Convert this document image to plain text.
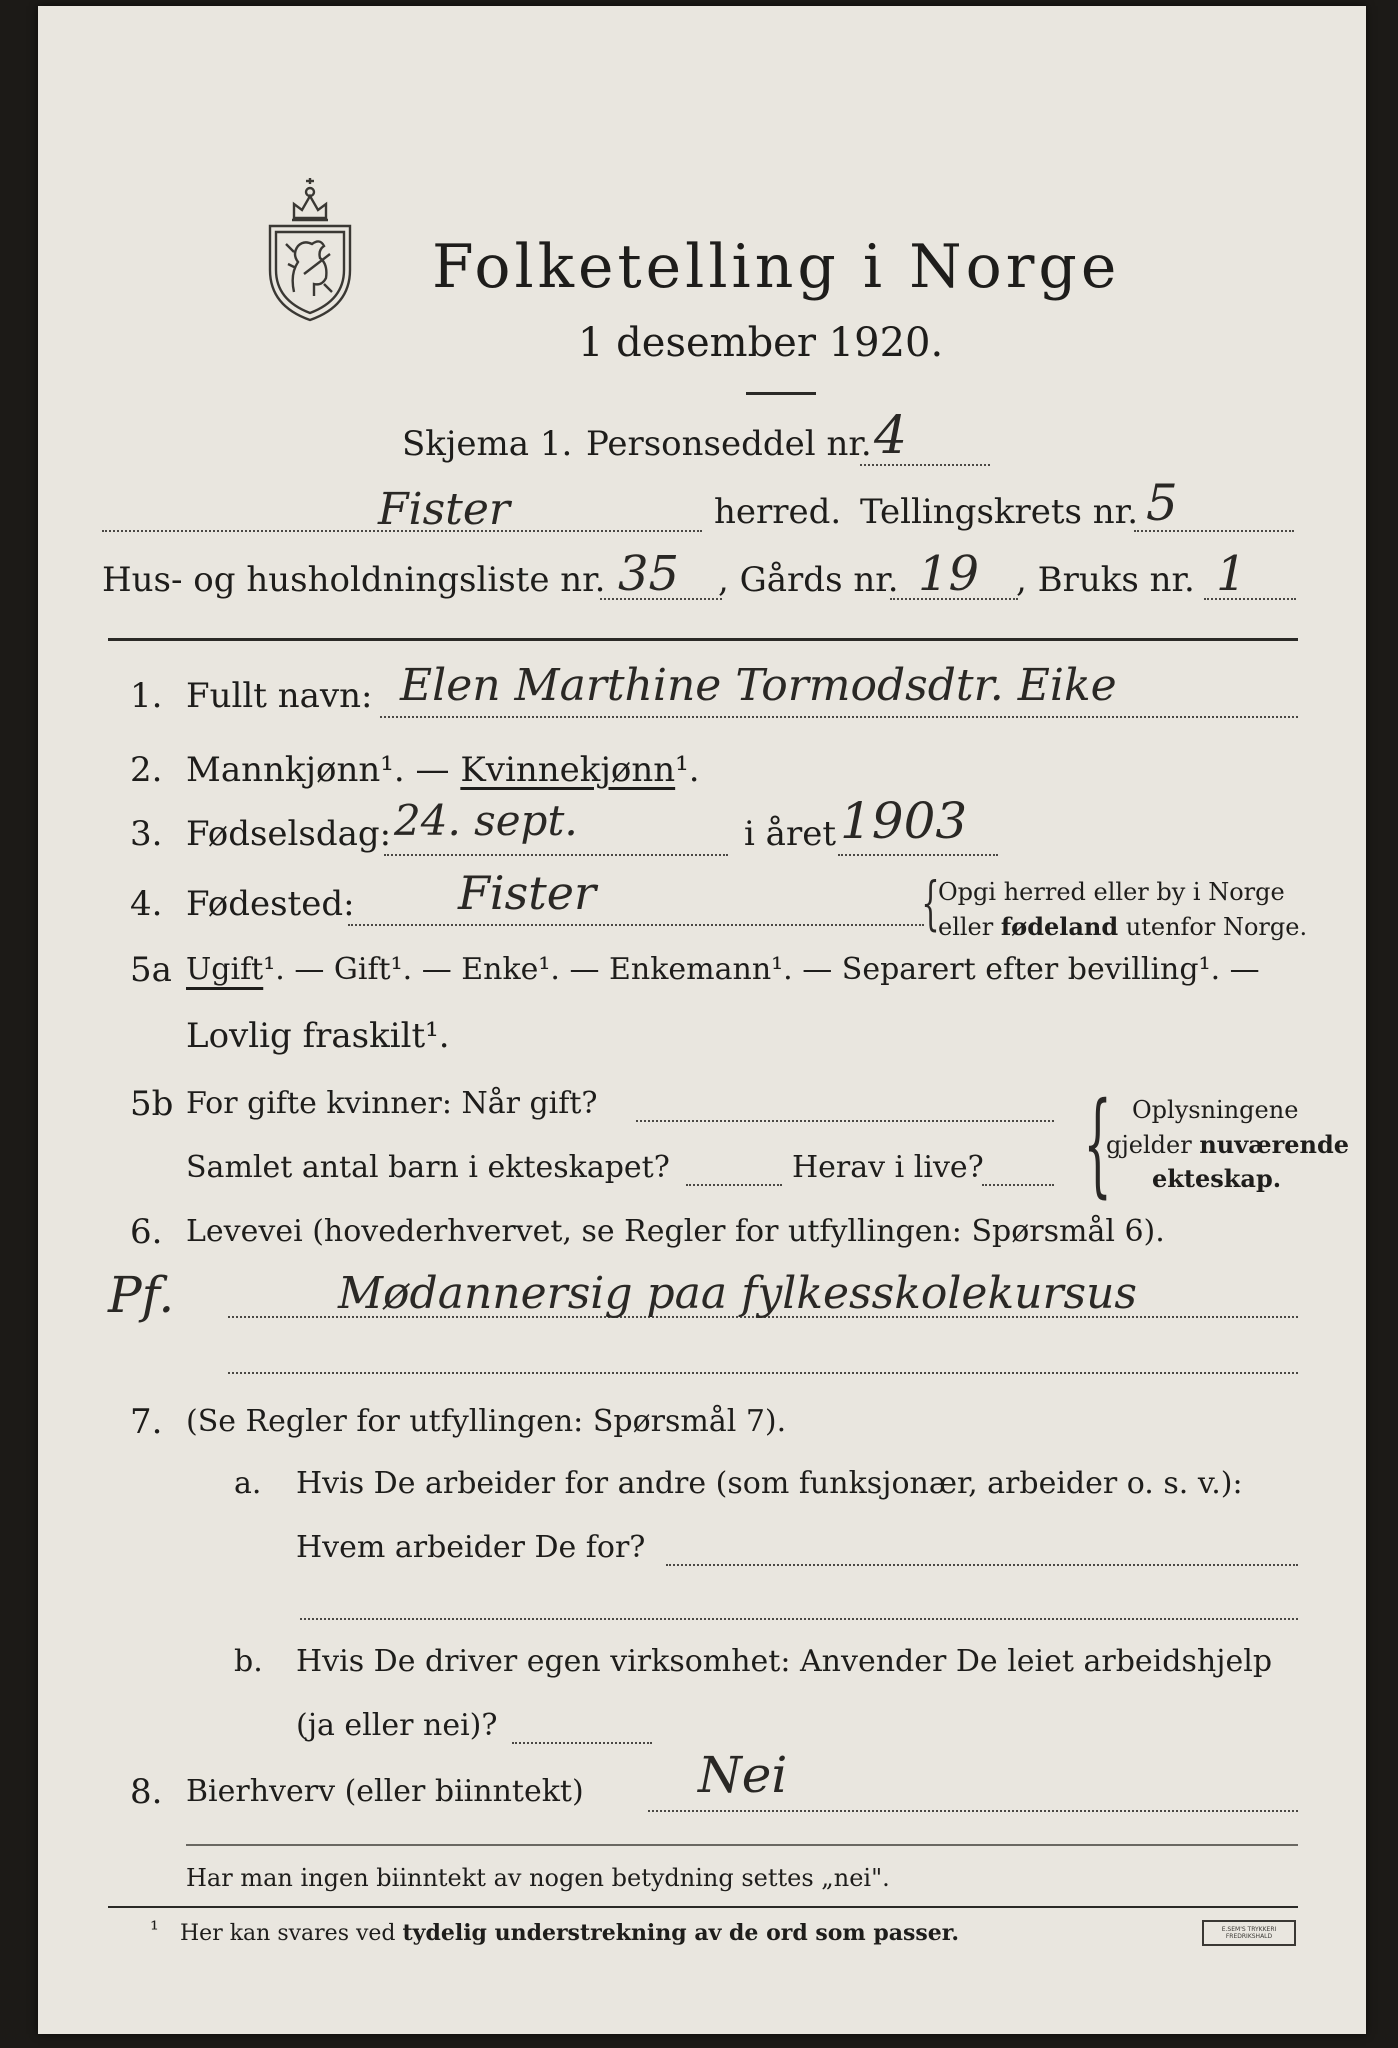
Folketelling i Norge
1 desember 1920.
Skjema 1. Personseddel nr. 4
Fister	herred. Tellingskrets nr. 5
Hus- og husholdningsliste nr. 35 , Gårds nr. 19 , Bruks nr. 1
1. Fullt navn: Elen Marthine Tormodsdtr. Eike
2. Mannkjønn¹. — Kvinnekjønn¹.
3. Fødselsdag: 24. sept.	i året 1903
4. Fødested: Fister	{
Opgi herred eller by i Norge
eller fødeland utenfor Norge.
5a Ugift¹. — Gift¹. — Enke¹. — Enkemann¹. — Separert efter bevilling¹. —
Lovlig fraskilt¹.
5b For gifte kvinner: Når gift?
Samlet antal barn i ekteskapet?	Herav i live? { Oplysningene
gjelder nuværende
ekteskap.
6. Levevei (hovederhvervet, se Regler for utfyllingen: Spørsmål 6).
Pf.	Mødannersig paa fylkesskolekursus
7. (Se Regler for utfyllingen: Spørsmål 7).
a. Hvis De arbeider for andre (som funksjonær, arbeider o. s. v.):
Hvem arbeider De for?
b. Hvis De driver egen virksomhet: Anvender De leiet arbeidshjelp
(ja eller nei)?
8. Bierhverv (eller biinntekt) Nei
Har man ingen biinntekt av nogen betydning settes „nei".
¹ Her kan svares ved tydelig understrekning av de ord som passer.	E.SEM'S TRYKKERI FREDRIKSHALD
